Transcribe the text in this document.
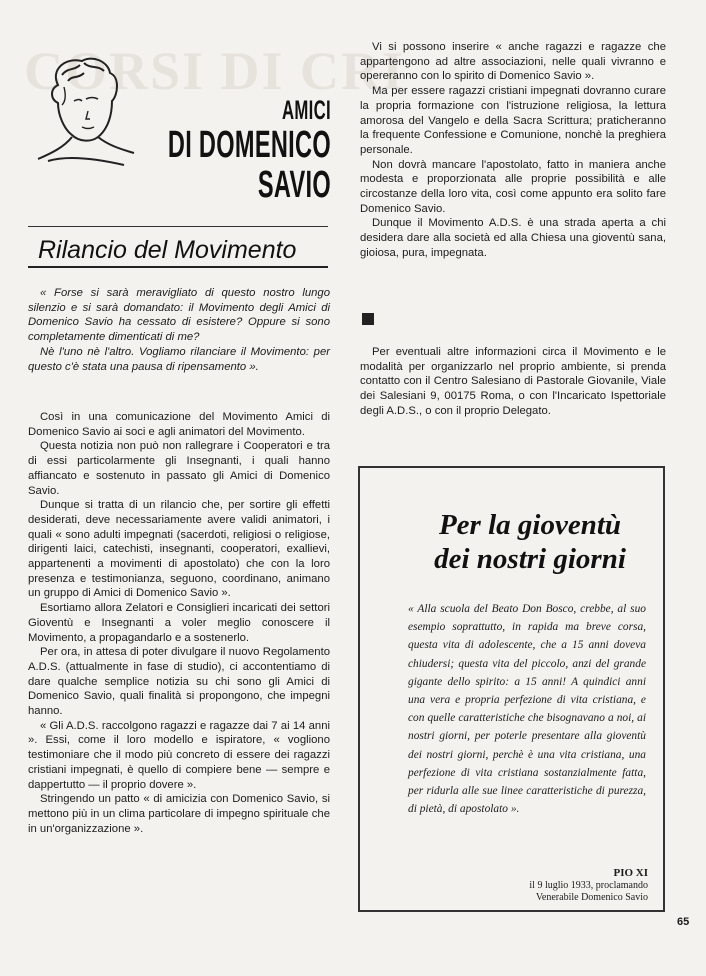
CORSI DI CRI
AMICI
DI DOMENICO SAVIO
Rilancio del Movimento

« Forse si sarà meravigliato di questo nostro lungo silenzio e si sarà domandato: il Movimento degli Amici di Domenico Savio ha cessato di esistere? Oppure si sono completamente dimenticati di me?

Nè l'uno nè l'altro. Vogliamo rilanciare il Movimento: per questo c'è stata una pausa di ripensamento ».

Così in una comunicazione del Movimento Amici di Domenico Savio ai soci e agli animatori del Movimento.

Questa notizia non può non rallegrare i Cooperatori e tra di essi particolarmente gli Insegnanti, i quali hanno affiancato e sostenuto in passato gli Amici di Domenico Savio.

Dunque si tratta di un rilancio che, per sortire gli effetti desiderati, deve necessariamente avere validi animatori, i quali « sono adulti impegnati (sacerdoti, religiosi o religiose, dirigenti laici, catechisti, insegnanti, cooperatori, exallievi, appartenenti a movimenti di apostolato) che con la loro presenza e testimonianza, seguono, coordinano, animano un gruppo di Amici di Domenico Savio ».

Esortiamo allora Zelatori e Consiglieri incaricati dei settori Gioventù e Insegnanti a voler meglio conoscere il Movimento, a propagandarlo e a sostenerlo.

Per ora, in attesa di poter divulgare il nuovo Regolamento A.D.S. (attualmente in fase di studio), ci accontentiamo di dare qualche semplice notizia su chi sono gli Amici di Domenico Savio, quali finalità si propongono, che impegni hanno.

« Gli A.D.S. raccolgono ragazzi e ragazze dai 7 ai 14 anni ». Essi, come il loro modello e ispiratore, « vogliono testimoniare che il modo più concreto di essere dei ragazzi cristiani impegnati, è quello di compiere bene — sempre e dappertutto — il proprio dovere ».

Stringendo un patto « di amicizia con Domenico Savio, si mettono più in un clima particolare di impegno spirituale che in un'organizzazione ».

Vi si possono inserire « anche ragazzi e ragazze che appartengono ad altre associazioni, nelle quali vivranno e opereranno con lo spirito di Domenico Savio ».

Ma per essere ragazzi cristiani impegnati dovranno curare la propria formazione con l'istruzione religiosa, la lettura amorosa del Vangelo e della Sacra Scrittura; praticheranno la frequente Confessione e Comunione, nonchè la preghiera personale.

Non dovrà mancare l'apostolato, fatto in maniera anche modesta e proporzionata alle proprie possibilità e alle circostanze della loro vita, così come appunto era solito fare Domenico Savio.

Dunque il Movimento A.D.S. è una strada aperta a chi desidera dare alla società ed alla Chiesa una gioventù sana, gioiosa, pura, impegnata.

Per eventuali altre informazioni circa il Movimento e le modalità per organizzarlo nel proprio ambiente, si prenda contatto con il Centro Salesiano di Pastorale Giovanile, Viale dei Salesiani 9, 00175 Roma, o con l'Incaricato Ispettoriale degli A.D.S., o con il proprio Delegato.

Per la gioventù
dei nostri giorni
« Alla scuola del Beato Don Bosco, crebbe, al suo esempio soprattutto, in rapida ma breve corsa, questa vita di adolescente, che a 15 anni doveva chiudersi; questa vita del piccolo, anzi del grande gigante dello spirito: a 15 anni! A quindici anni una vera e propria perfezione di vita cristiana, e con quelle caratteristiche che bisognavano a noi, ai nostri giorni, per poterle presentare alla gioventù dei nostri giorni, perchè è una vita cristiana, una perfezione di vita cristiana sostanzialmente fatta, per ridurla alle sue linee caratteristiche di purezza, di pietà, di apostolato ».
PIO XI
il 9 luglio 1933, proclamando
Venerabile Domenico Savio
65
